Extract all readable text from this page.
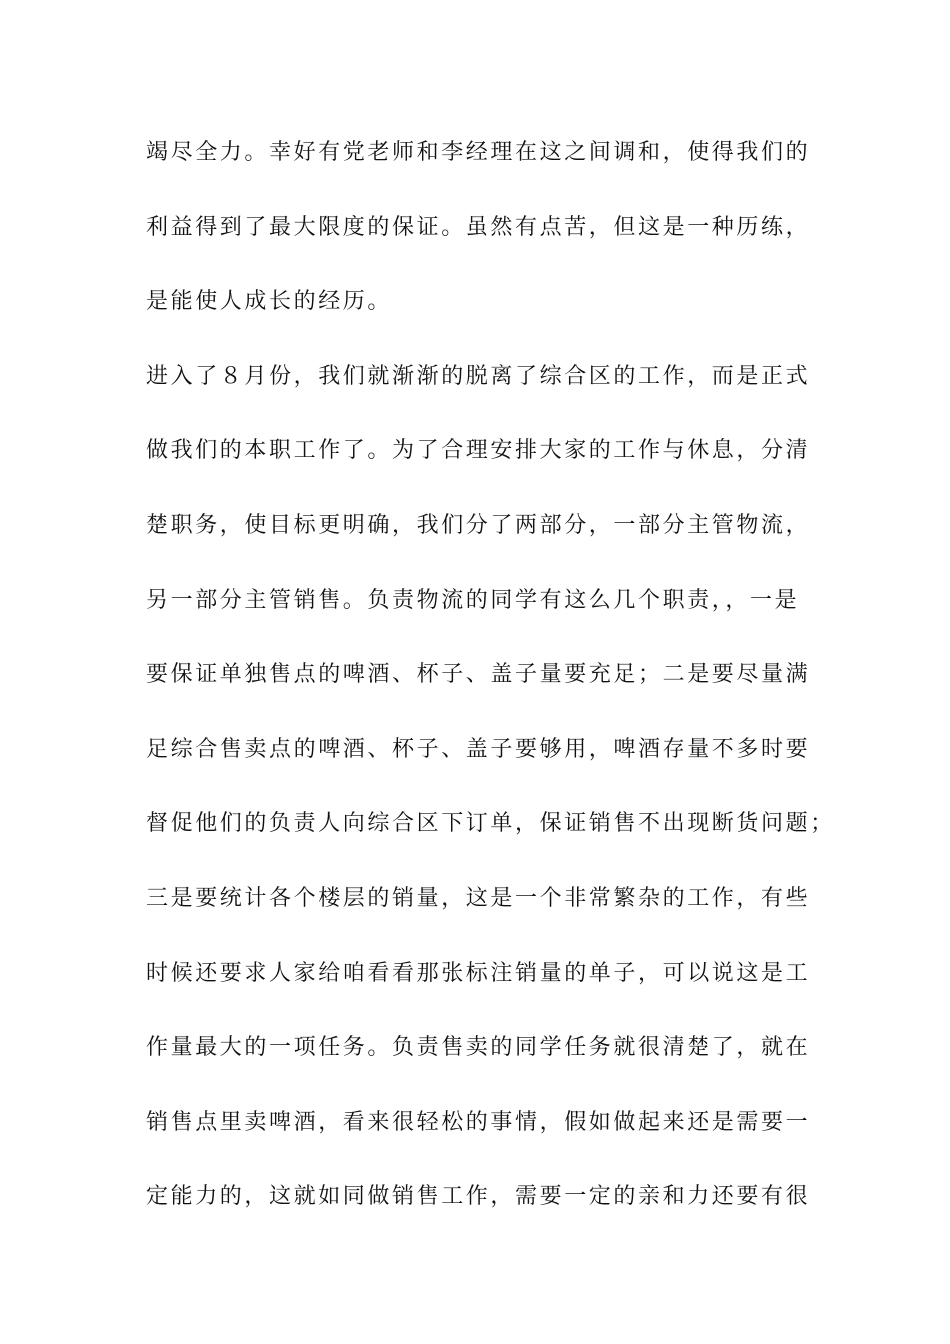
竭尽全力。幸好有党老师和李经理在这之间调和，使得我们的
利益得到了最大限度的保证。虽然有点苦，但这是一种历练，
是能使人成长的经历。
进入了８月份，我们就渐渐的脱离了综合区的工作，而是正式
做我们的本职工作了。为了合理安排大家的工作与休息，分清
楚职务，使目标更明确，我们分了两部分，一部分主管物流，
另一部分主管销售。负责物流的同学有这么几个职责，，一是
要保证单独售点的啤酒、杯子、盖子量要充足；二是要尽量满
足综合售卖点的啤酒、杯子、盖子要够用，啤酒存量不多时要
督促他们的负责人向综合区下订单，保证销售不出现断货问题；
三是要统计各个楼层的销量，这是一个非常繁杂的工作，有些
时候还要求人家给咱看看那张标注销量的单子，可以说这是工
作量最大的一项任务。负责售卖的同学任务就很清楚了，就在
销售点里卖啤酒，看来很轻松的事情，假如做起来还是需要一
定能力的，这就如同做销售工作，需要一定的亲和力还要有很
